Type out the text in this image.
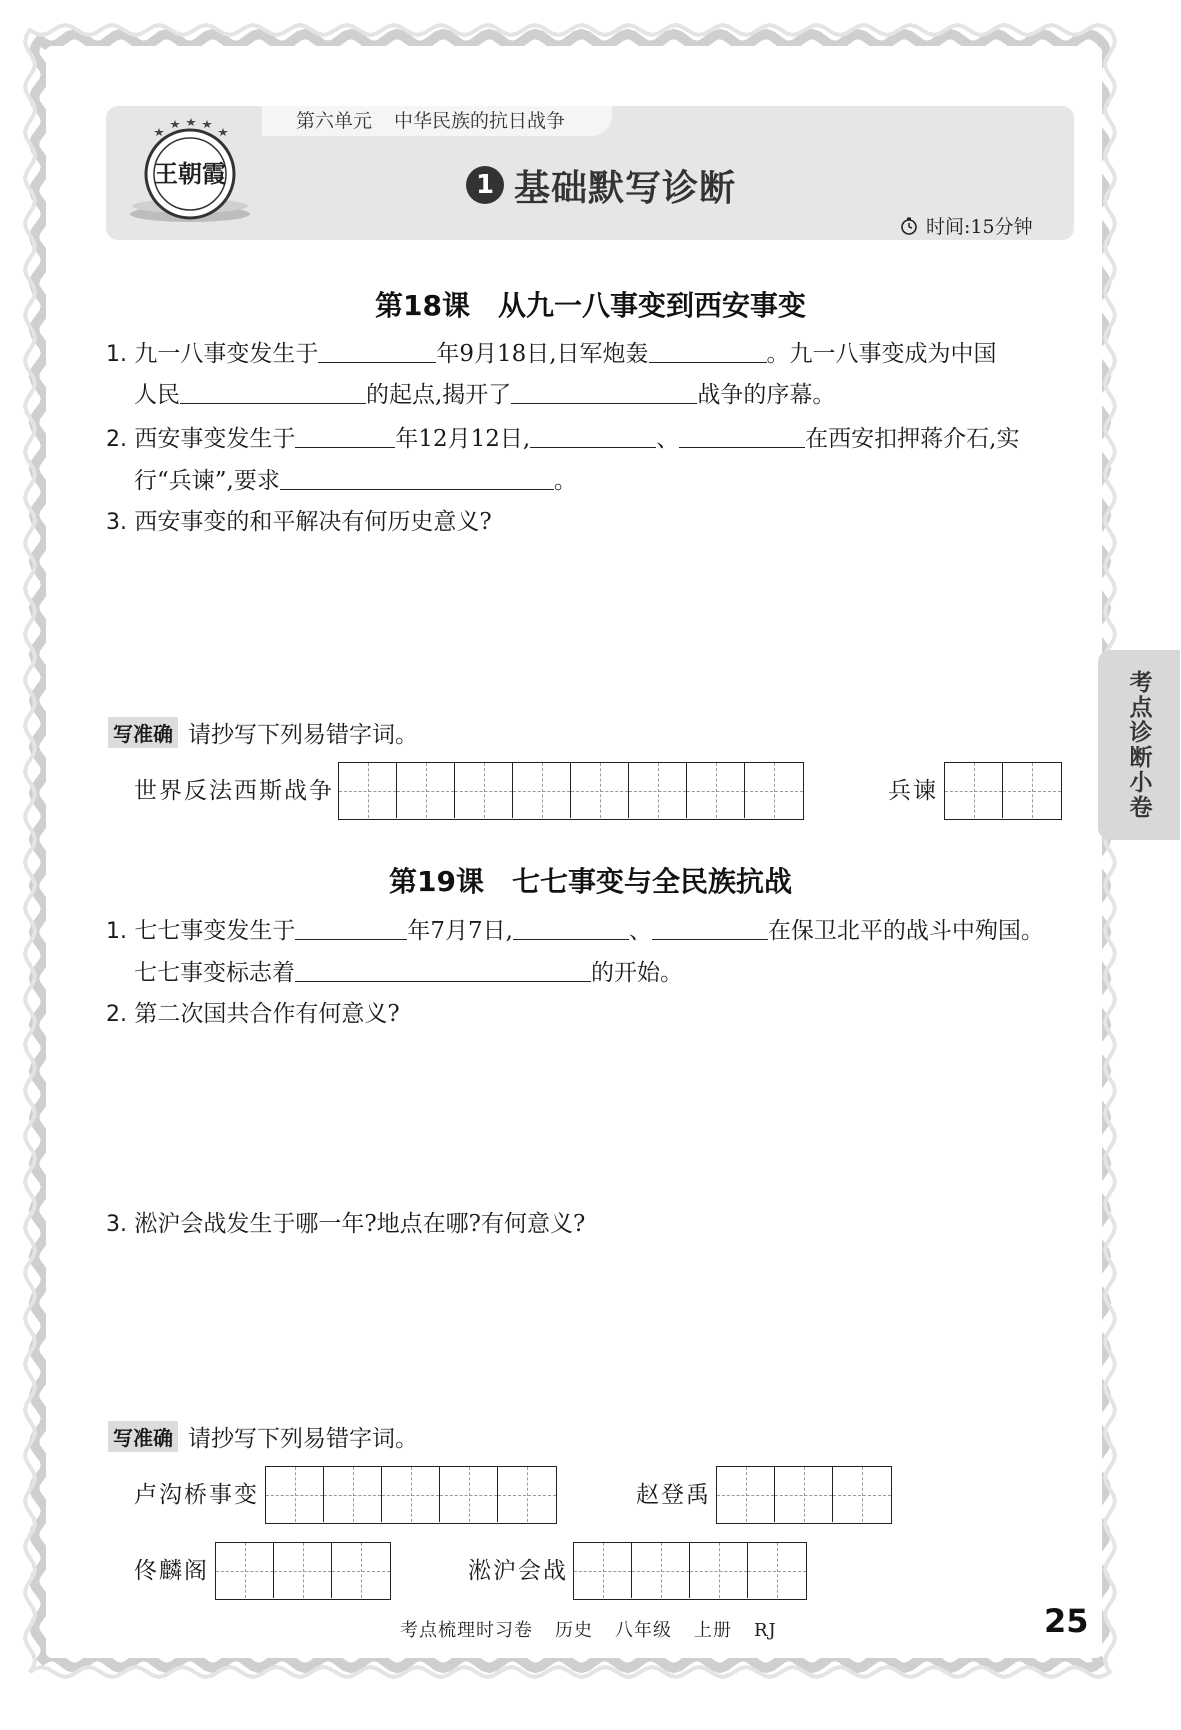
王朝霞
第六单元 中华民族的抗日战争
1 基础默写诊断
时间:15分钟
考点诊断小卷
第18课　从九一八事变到西安事变
1. 九一八事变发生于	年9月18日,日军炮轰	。九一八事变成为中国
人民	的起点,揭开了	战争的序幕。
2. 西安事变发生于	年12月12日,	、	在西安扣押蒋介石,实
行“兵谏”,要求	。
3. 西安事变的和平解决有何历史意义?
写准确 请抄写下列易错字词。
世界反法西斯战争	兵谏
第19课　七七事变与全民族抗战
1. 七七事变发生于	年7月7日,	、	在保卫北平的战斗中殉国。
七七事变标志着	的开始。
2. 第二次国共合作有何意义?
3. 淞沪会战发生于哪一年?地点在哪?有何意义?
写准确 请抄写下列易错字词。
卢沟桥事变	赵登禹
佟麟阁	淞沪会战
考点梳理时习卷 历史 八年级 上册 RJ	25
